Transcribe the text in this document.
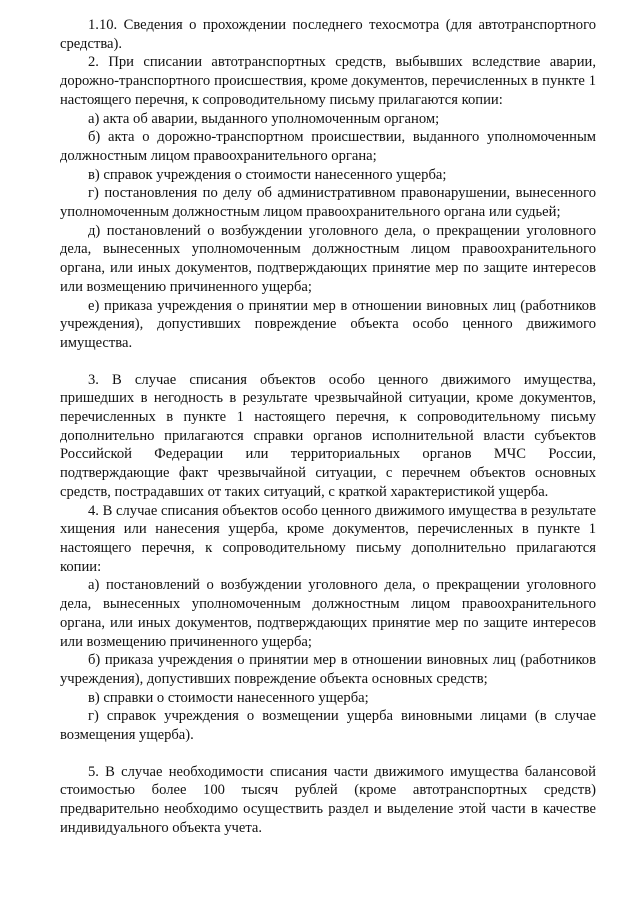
1.10. Сведения о прохождении последнего техосмотра (для автотранспортного средства).

2. При списании автотранспортных средств, выбывших вследствие аварии, дорожно-транспортного происшествия, кроме документов, перечисленных в пункте 1 настоящего перечня, к сопроводительному письму прилагаются копии:

а) акта об аварии, выданного уполномоченным органом;

б) акта о дорожно-транспортном происшествии, выданного уполномоченным должностным лицом правоохранительного органа;

в) справок учреждения о стоимости нанесенного ущерба;

г) постановления по делу об административном правонарушении, вынесенного уполномоченным должностным лицом правоохранительного органа или судьей;

д) постановлений о возбуждении уголовного дела, о прекращении уголовного дела, вынесенных уполномоченным должностным лицом правоохранительного органа, или иных документов, подтверждающих принятие мер по защите интересов или возмещению причиненного ущерба;

е) приказа учреждения о принятии мер в отношении виновных лиц (работников учреждения), допустивших повреждение объекта особо ценного движимого имущества.

3. В случае списания объектов особо ценного движимого имущества, пришедших в негодность в результате чрезвычайной ситуации, кроме документов, перечисленных в пункте 1 настоящего перечня, к сопроводительному письму дополнительно прилагаются справки органов исполнительной власти субъектов Российской Федерации или территориальных органов МЧС России, подтверждающие факт чрезвычайной ситуации, с перечнем объектов основных средств, пострадавших от таких ситуаций, с краткой характеристикой ущерба.

4. В случае списания объектов особо ценного движимого имущества в результате хищения или нанесения ущерба, кроме документов, перечисленных в пункте 1 настоящего перечня, к сопроводительному письму дополнительно прилагаются копии:

а) постановлений о возбуждении уголовного дела, о прекращении уголовного дела, вынесенных уполномоченным должностным лицом правоохранительного органа, или иных документов, подтверждающих принятие мер по защите интересов или возмещению причиненного ущерба;

б) приказа учреждения о принятии мер в отношении виновных лиц (работников учреждения), допустивших повреждение объекта основных средств;

в) справки о стоимости нанесенного ущерба;

г) справок учреждения о возмещении ущерба виновными лицами (в случае возмещения ущерба).

5. В случае необходимости списания части движимого имущества балансовой стоимостью более 100 тысяч рублей (кроме автотранспортных средств) предварительно необходимо осуществить раздел и выделение этой части в качестве индивидуального объекта учета.
